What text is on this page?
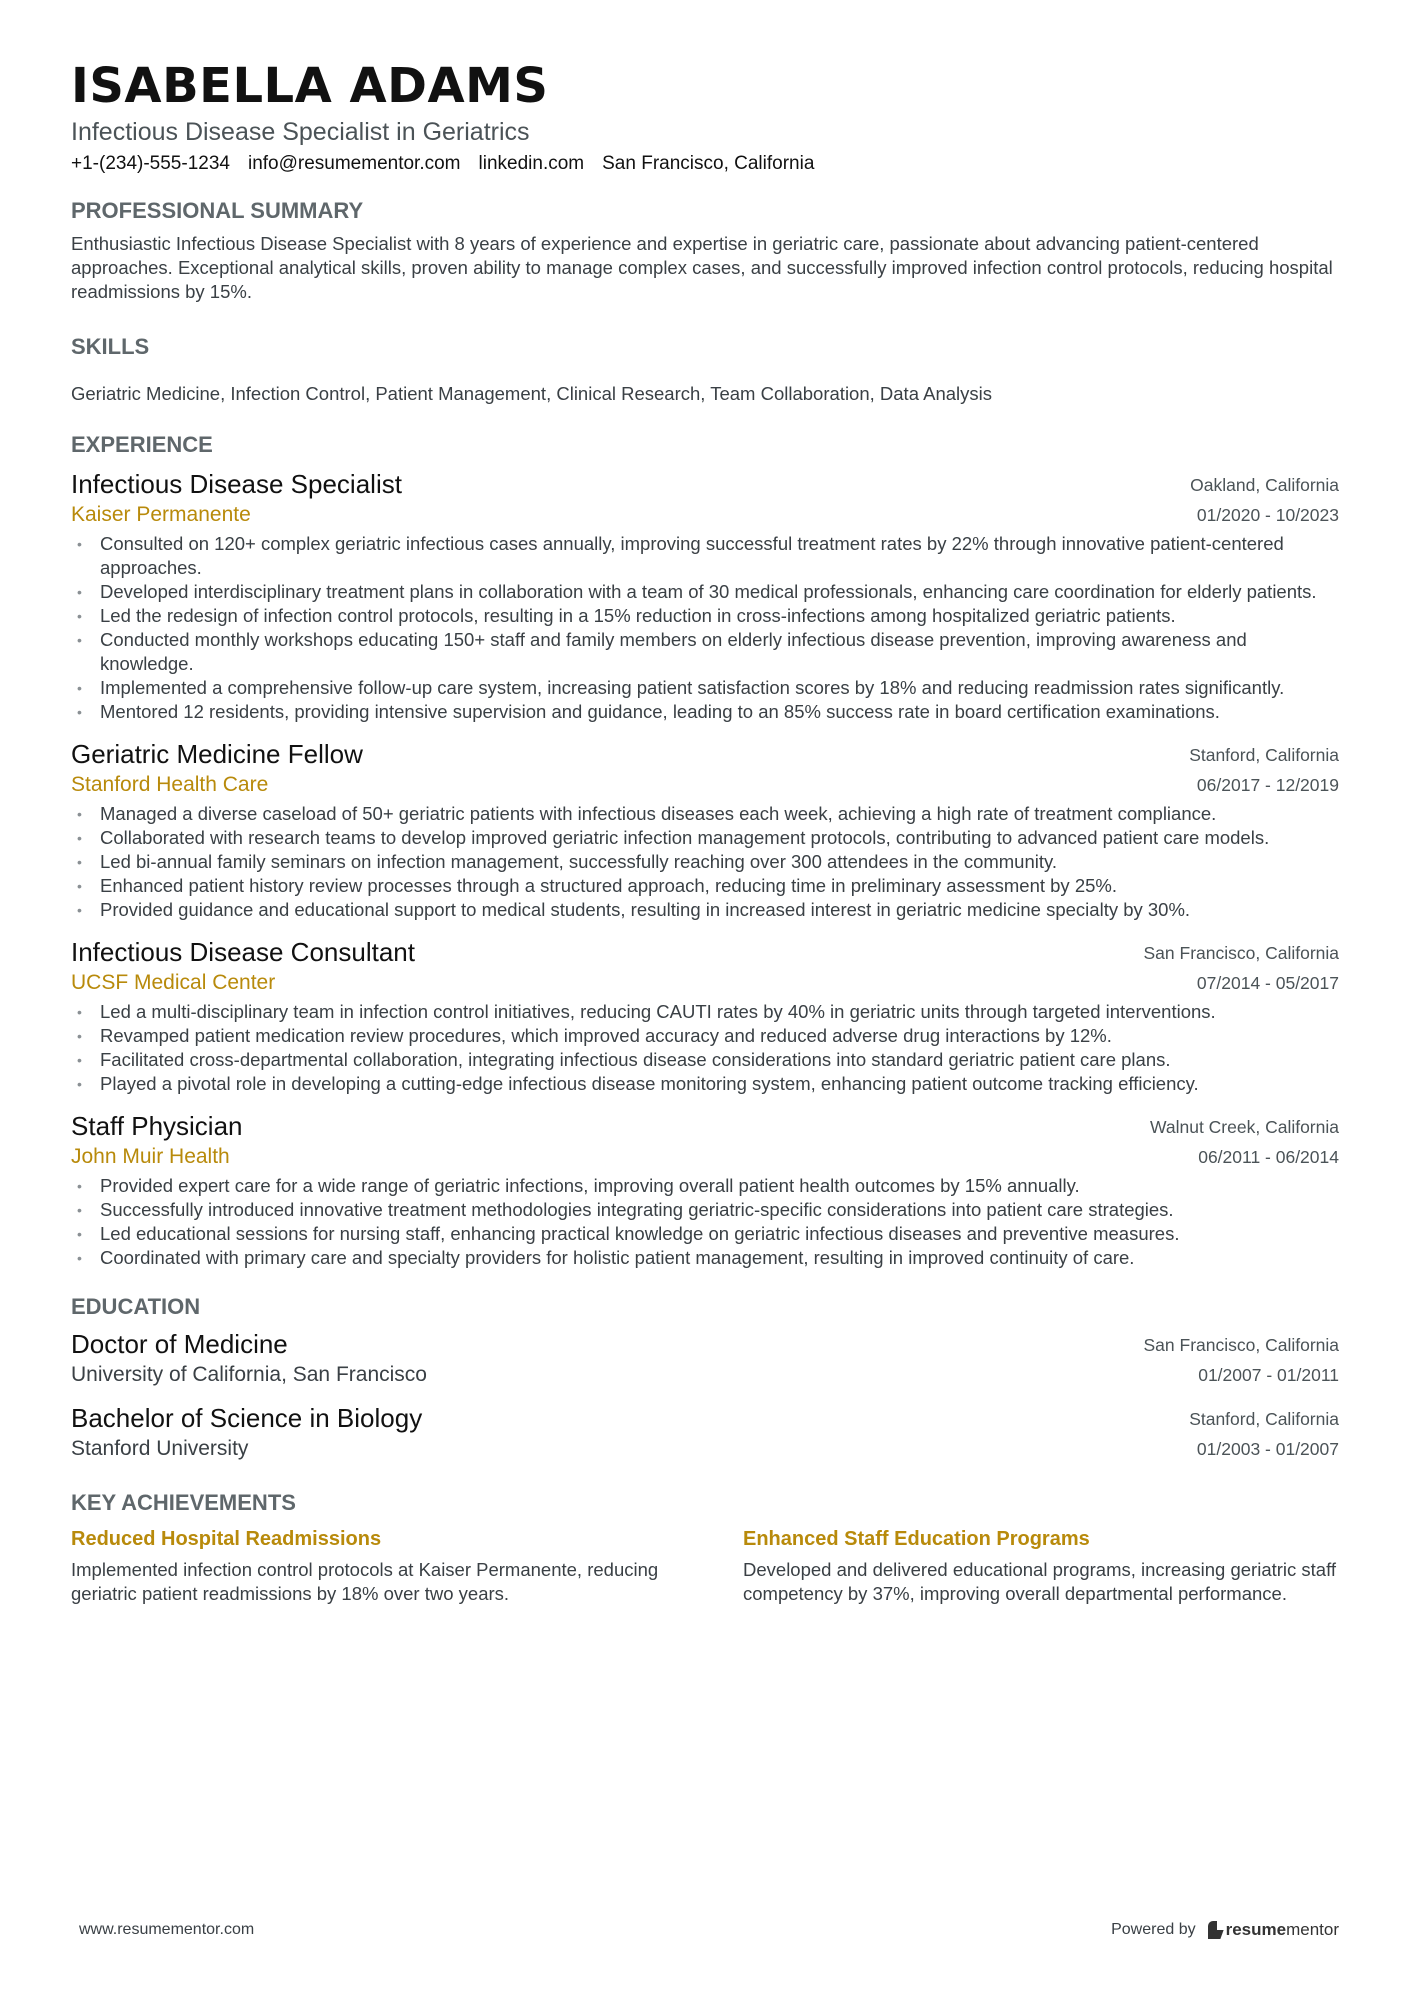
ISABELLA ADAMS
Infectious Disease Specialist in Geriatrics
+1-(234)-555-1234 info@resumementor.com linkedin.com San Francisco, California
PROFESSIONAL SUMMARY

Enthusiastic Infectious Disease Specialist with 8 years of experience and expertise in geriatric care, passionate about advancing patient-centered approaches. Exceptional analytical skills, proven ability to manage complex cases, and successfully improved infection control protocols, reducing hospital readmissions by 15%.

SKILLS
Geriatric Medicine, Infection Control, Patient Management, Clinical Research, Team Collaboration, Data Analysis
EXPERIENCE
Infectious Disease Specialist
Kaiser Permanente
Oakland, California
01/2020 - 10/2023
• Consulted on 120+ complex geriatric infectious cases annually, improving successful treatment rates by 22% through innovative patient-centered approaches.
• Developed interdisciplinary treatment plans in collaboration with a team of 30 medical professionals, enhancing care coordination for elderly patients.
• Led the redesign of infection control protocols, resulting in a 15% reduction in cross-infections among hospitalized geriatric patients.
• Conducted monthly workshops educating 150+ staff and family members on elderly infectious disease prevention, improving awareness and knowledge.
• Implemented a comprehensive follow-up care system, increasing patient satisfaction scores by 18% and reducing readmission rates significantly.
• Mentored 12 residents, providing intensive supervision and guidance, leading to an 85% success rate in board certification examinations.
Geriatric Medicine Fellow
Stanford Health Care
Stanford, California
06/2017 - 12/2019
• Managed a diverse caseload of 50+ geriatric patients with infectious diseases each week, achieving a high rate of treatment compliance.
• Collaborated with research teams to develop improved geriatric infection management protocols, contributing to advanced patient care models.
• Led bi-annual family seminars on infection management, successfully reaching over 300 attendees in the community.
• Enhanced patient history review processes through a structured approach, reducing time in preliminary assessment by 25%.
• Provided guidance and educational support to medical students, resulting in increased interest in geriatric medicine specialty by 30%.
Infectious Disease Consultant
UCSF Medical Center
San Francisco, California
07/2014 - 05/2017
• Led a multi-disciplinary team in infection control initiatives, reducing CAUTI rates by 40% in geriatric units through targeted interventions.
• Revamped patient medication review procedures, which improved accuracy and reduced adverse drug interactions by 12%.
• Facilitated cross-departmental collaboration, integrating infectious disease considerations into standard geriatric patient care plans.
• Played a pivotal role in developing a cutting-edge infectious disease monitoring system, enhancing patient outcome tracking efficiency.
Staff Physician
John Muir Health
Walnut Creek, California
06/2011 - 06/2014
• Provided expert care for a wide range of geriatric infections, improving overall patient health outcomes by 15% annually.
• Successfully introduced innovative treatment methodologies integrating geriatric-specific considerations into patient care strategies.
• Led educational sessions for nursing staff, enhancing practical knowledge on geriatric infectious diseases and preventive measures.
• Coordinated with primary care and specialty providers for holistic patient management, resulting in improved continuity of care.
EDUCATION
Doctor of Medicine
University of California, San Francisco
San Francisco, California
01/2007 - 01/2011
Bachelor of Science in Biology
Stanford University
Stanford, California
01/2003 - 01/2007
KEY ACHIEVEMENTS
Reduced Hospital Readmissions
Implemented infection control protocols at Kaiser Permanente, reducing geriatric patient readmissions by 18% over two years.
Enhanced Staff Education Programs
Developed and delivered educational programs, increasing geriatric staff competency by 37%, improving overall departmental performance.
www.resumementor.com	Powered by resumementor
